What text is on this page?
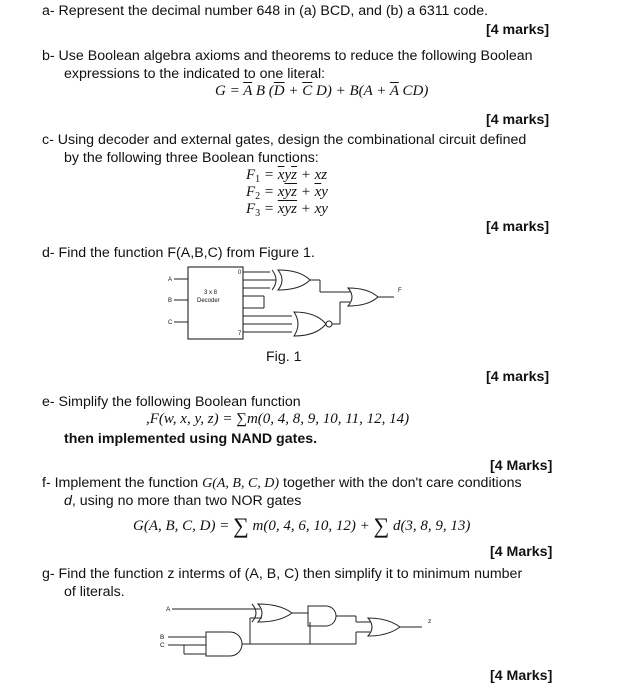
a- Represent the decimal number 648 in (a) BCD, and (b) a 6311 code.
[4 marks]
b- Use Boolean algebra axioms and theorems to reduce the following Boolean
expressions to the indicated to one literal:
$G = \overline{A}$ B ($\overline{D} + \overline{C}$ $D) + B(A + \overline{A}$ CD)
[4 marks]
c- Using decoder and external gates, design the combinational circuit defined
by the following three Boolean functions:
$F_1 = \overline{x}y\overline{z}$ + xz
$F_2 = x\overline{yz} + \overline{x}y$
$F_3 = \overline{x}\overline{yz}$ + xy
[4 marks]
d- Find the function F(A,B,C) from Figure 1.
A
B
C
3 x 8
Decoder
0
7
F
Fig. 1
[4 marks]
e- Simplify the following Boolean function
,F(w, x, y, z) = ∑m(0, 4, 8, 9, 10, 11, 12, 14)
then implemented using NAND gates.
[4 Marks]
f- Implement the function G(A, B, C, D) together with the don't care conditions
d, using no more than two NOR gates
G(A, B, C, D) = ∑ m(0, 4, 6, 10, 12) + ∑ d(3, 8, 9, 13)
[4 Marks]
g- Find the function z interms of (A, B, C) then simplify it to minimum number
of literals.
A
B
C
z
[4 Marks]
